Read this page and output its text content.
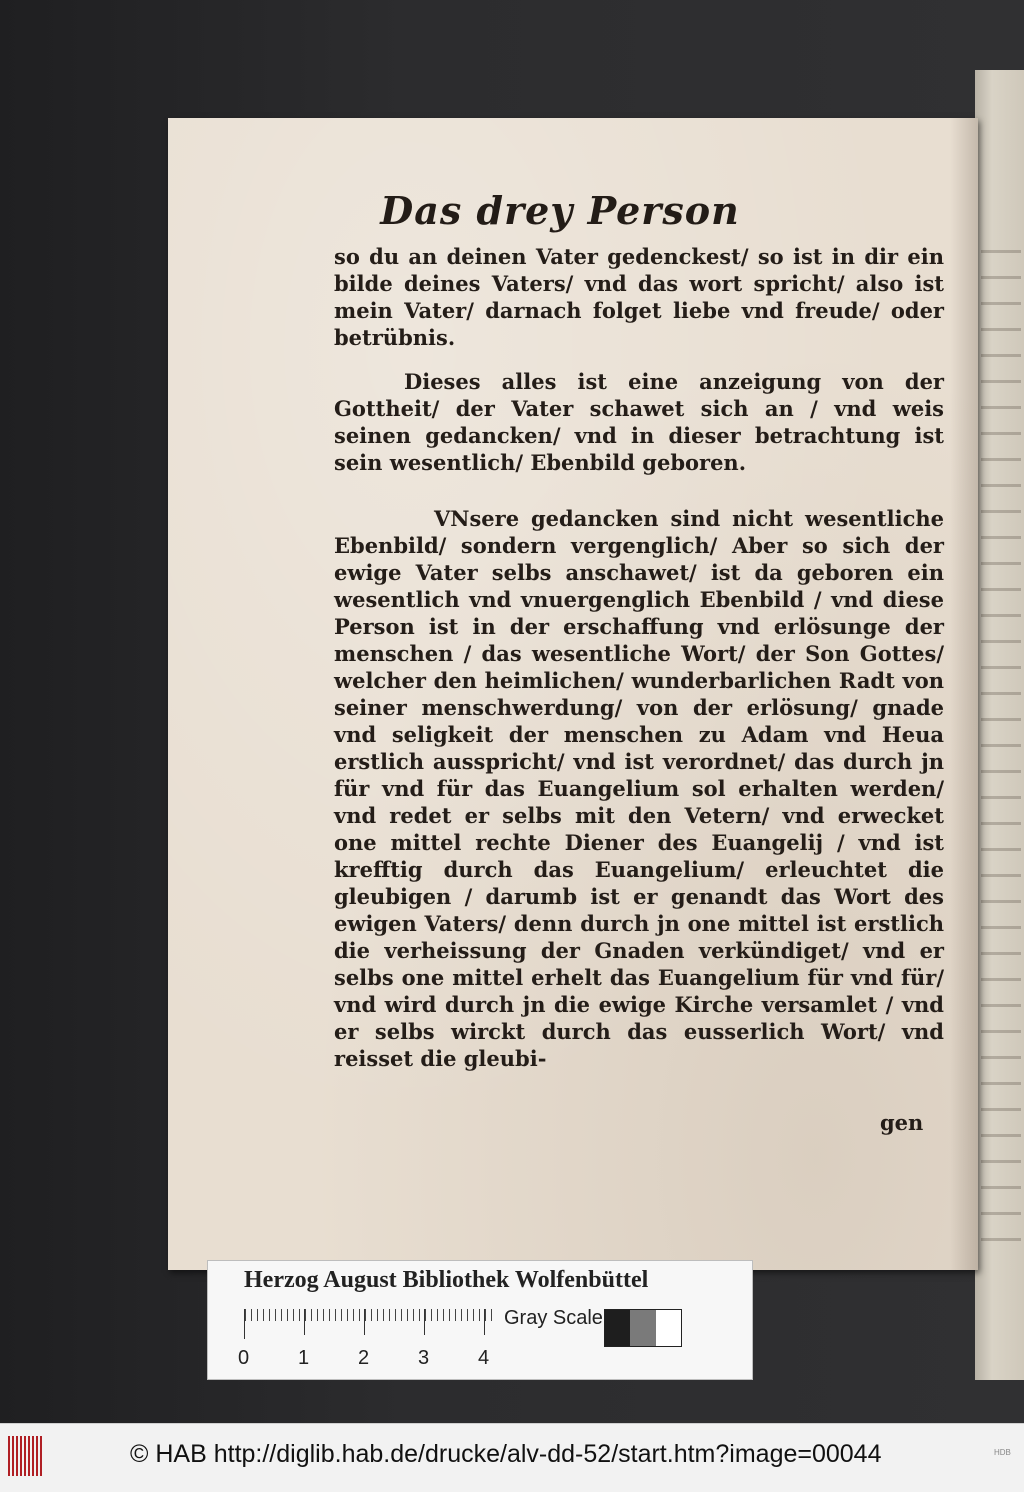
Das drey Person
so du an deinen Vater gedenckest/ so ist in dir ein bilde deines Vaters/ vnd das wort spricht/ also ist mein Vater/ darnach folget liebe vnd freude/ oder betrübnis.
Dieses alles ist eine anzeigung von der Gottheit/ der Vater schawet sich an / vnd weis seinen gedancken/ vnd in dieser betrachtung ist sein wesentlich/ Ebenbild geboren.
VNsere gedancken sind nicht wesentliche Ebenbild/ sondern vergenglich/ Aber so sich der ewige Vater selbs anschawet/ ist da geboren ein wesentlich vnd vnuergenglich Ebenbild / vnd diese Person ist in der erschaffung vnd erlösunge der menschen / das wesentliche Wort/ der Son Gottes/ welcher den heimlichen/ wunderbarlichen Radt von seiner menschwerdung/ von der erlösung/ gnade vnd seligkeit der menschen zu Adam vnd Heua erstlich ausspricht/ vnd ist verordnet/ das durch jn für vnd für das Euangelium sol erhalten werden/ vnd redet er selbs mit den Vetern/ vnd erwecket one mittel rechte Diener des Euangelij / vnd ist krefftig durch das Euangelium/ erleuchtet die gleubigen / darumb ist er genandt das Wort des ewigen Vaters/ denn durch jn one mittel ist erstlich die verheissung der Gnaden verkündiget/ vnd er selbs one mittel erhelt das Euangelium für vnd für/ vnd wird durch jn die ewige Kirche versamlet / vnd er selbs wirckt durch das eusserlich Wort/ vnd reisset die gleubi-
gen
Herzog August Bibliothek Wolfenbüttel
0 1 2 3 4
Gray Scale
© HAB http://diglib.hab.de/drucke/alv-dd-52/start.htm?image=00044	HDB
